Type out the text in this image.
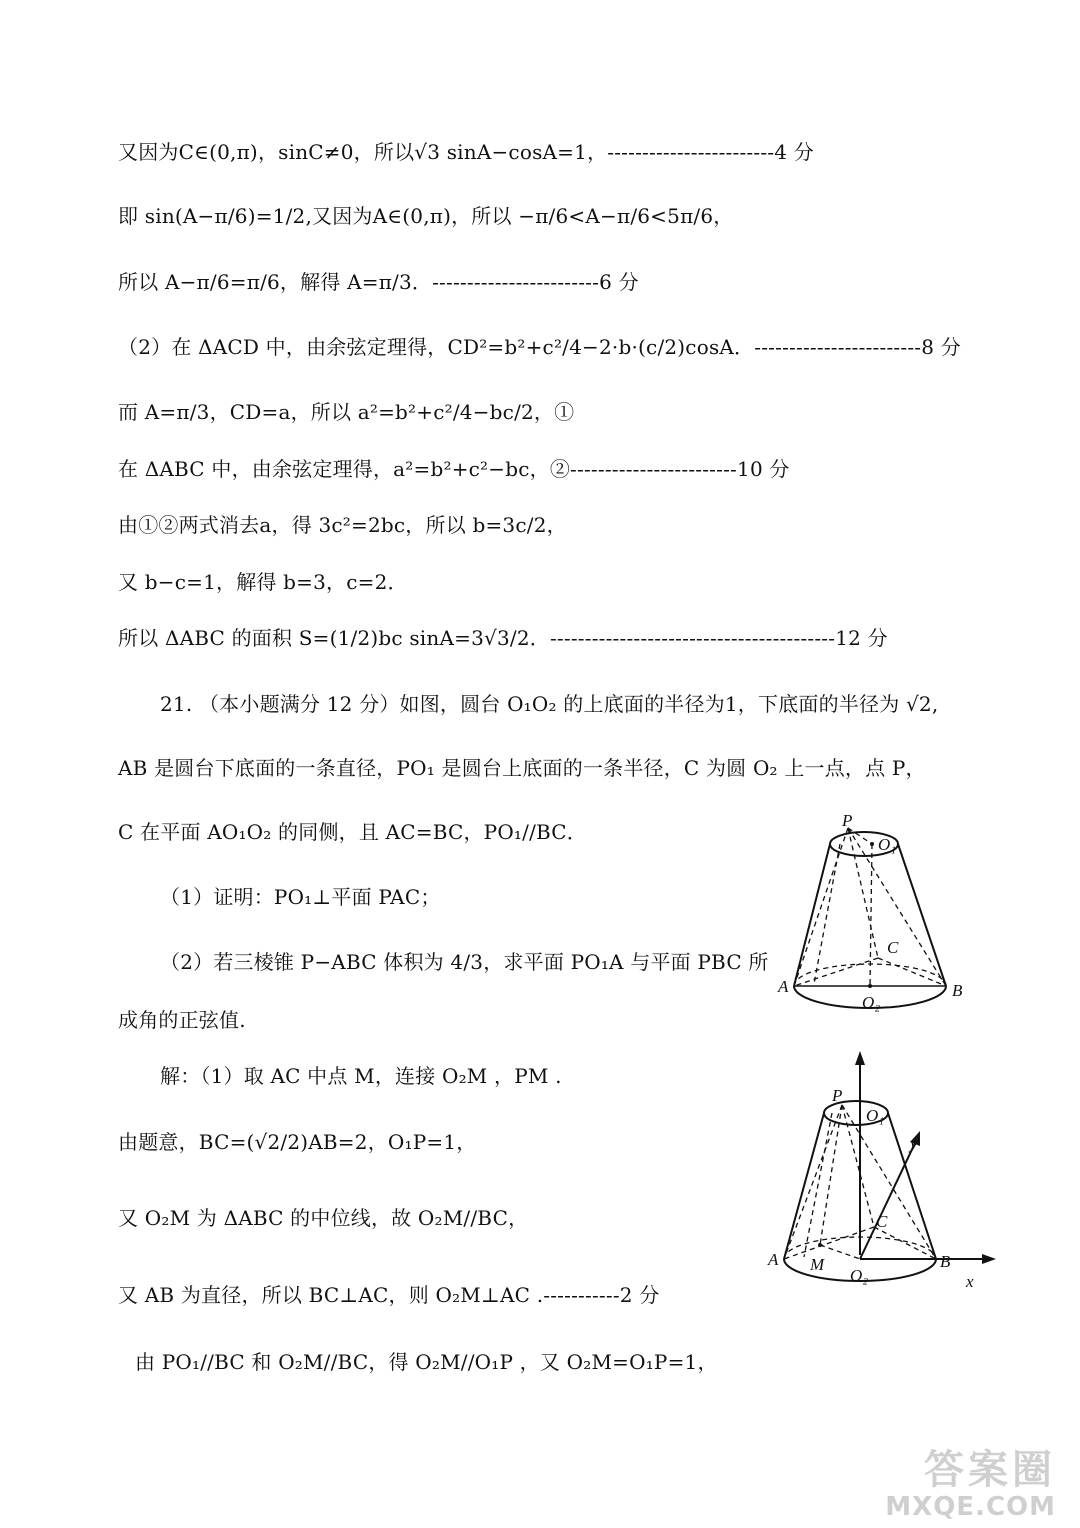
又因为C∈(0,π)，sinC≠0，所以√3 sinA−cosA=1，------------------------4 分
即 sin(A−π/6)=1/2,又因为A∈(0,π)，所以 −π/6<A−π/6<5π/6，
所以 A−π/6=π/6，解得 A=π/3．------------------------6 分
（2）在 ΔACD 中，由余弦定理得，CD²=b²+c²/4−2·b·(c/2)cosA．------------------------8 分
而 A=π/3，CD=a，所以 a²=b²+c²/4−bc/2，①
在 ΔABC 中，由余弦定理得，a²=b²+c²−bc，②------------------------10 分
由①②两式消去a，得 3c²=2bc，所以 b=3c/2，
又 b−c=1，解得 b=3，c=2．
所以 ΔABC 的面积 S=(1/2)bc sinA=3√3/2．-----------------------------------------12 分
21. （本小题满分 12 分）如图，圆台 O₁O₂ 的上底面的半径为1，下底面的半径为 √2,
AB 是圆台下底面的一条直径，PO₁ 是圆台上底面的一条半径，C 为圆 O₂ 上一点，点 P，
C 在平面 AO₁O₂ 的同侧，且 AC=BC，PO₁//BC．
（1）证明：PO₁⊥平面 PAC；
（2）若三棱锥 P−ABC 体积为 4/3，求平面 PO₁A 与平面 PBC 所
成角的正弦值.
解：（1）取 AC 中点 M，连接 O₂M ，PM .
由题意，BC=(√2/2)AB=2，O₁P=1，
又 O₂M 为 ΔABC 的中位线，故 O₂M//BC，
又 AB 为直径，所以 BC⊥AC，则 O₂M⊥AC .-----------2 分
由 PO₁//BC 和 O₂M//BC，得 O₂M//O₁P ，又 O₂M=O₁P=1，
P
O₁
C
A	B
O₂
P
O₁
y
C
A M
O₂
B
x
答案圈
MXQE.COM
